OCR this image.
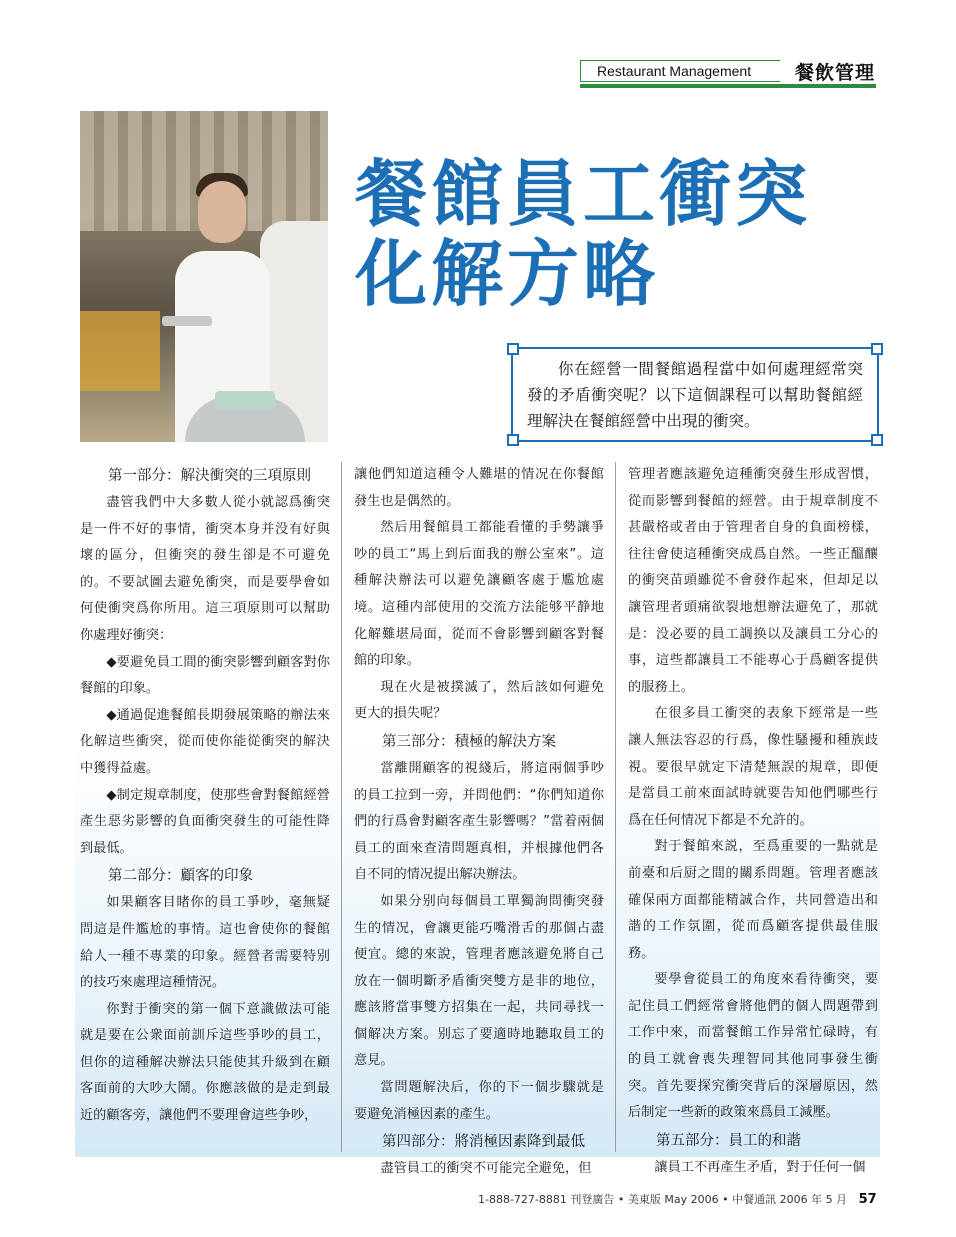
Restaurant Management	餐飲管理
餐館員工衝突
化解方略

你在經營一間餐館過程當中如何處理經常突發的矛盾衝突呢？以下這個課程可以幫助餐館經理解決在餐館經營中出現的衝突。

第一部分：解決衝突的三項原則

盡管我們中大多數人從小就認爲衝突是一件不好的事情，衝突本身并没有好與壞的區分，但衝突的發生卻是不可避免的。不要試圖去避免衝突，而是要學會如何使衝突爲你所用。這三項原則可以幫助你處理好衝突：

◆要避免員工間的衝突影響到顧客對你餐館的印象。

◆通過促進餐館長期發展策略的辦法來化解這些衝突，從而使你能從衝突的解決中獲得益處。

◆制定規章制度，使那些會對餐館經營產生惡劣影響的負面衝突發生的可能性降到最低。

第二部分：顧客的印象

如果顧客目睹你的員工爭吵，毫無疑問這是件尷尬的事情。這也會使你的餐館給人一種不專業的印象。經營者需要特别的技巧來處理這種情況。

你對于衝突的第一個下意識做法可能就是要在公衆面前訓斥這些爭吵的員工，但你的這種解决辦法只能使其升級到在顧客面前的大吵大鬧。你應該做的是走到最近的顧客旁，讓他們不要理會這些争吵，

讓他們知道這種令人難堪的情况在你餐館發生也是偶然的。

然后用餐館員工都能看懂的手勢讓爭吵的員工“馬上到后面我的辦公室來”。這種解決辦法可以避免讓顧客處于尷尬處境。這種内部使用的交流方法能够平静地化解難堪局面，從而不會影響到顧客對餐館的印象。

現在火是被撲滅了，然后該如何避免更大的損失呢？

第三部分：積極的解決方案

當離開顧客的視綫后，將這兩個爭吵的員工拉到一旁，并問他們：“你們知道你們的行爲會對顧客產生影響嗎？”當着兩個員工的面來查清問題真相，并根據他們各自不同的情况提出解决辦法。

如果分别向每個員工單獨詢問衝突發生的情况，會讓更能巧嘴滑舌的那個占盡便宜。總的來說，管理者應該避免將自己放在一個明斷矛盾衝突雙方是非的地位，應該將當事雙方招集在一起，共同尋找一個解决方案。别忘了要適時地聽取員工的意見。

當問題解決后，你的下一個步驟就是要避免消極因素的產生。

第四部分：將消極因素降到最低

盡管員工的衝突不可能完全避免，但

管理者應該避免這種衝突發生形成習慣，從而影響到餐館的經營。由于規章制度不甚嚴格或者由于管理者自身的負面榜樣，往往會使這種衝突成爲自然。一些正醞釀的衝突苗頭雖從不會發作起來，但却足以讓管理者頭痛欲裂地想辦法避免了，那就是：没必要的員工調换以及讓員工分心的事，這些都讓員工不能專心于爲顧客提供的服務上。

在很多員工衝突的表象下經常是一些讓人無法容忍的行爲，像性騷擾和種族歧視。要很早就定下清楚無誤的規章，即便是當員工前來面試時就要告知他們哪些行爲在任何情况下都是不允許的。

對于餐館來説，至爲重要的一點就是前臺和后厨之間的關系問題。管理者應該確保兩方面都能精誠合作，共同營造出和諧的工作氛圍，從而爲顧客提供最佳服務。

要學會從員工的角度來看待衝突，要記住員工們經常會將他們的個人問題帶到工作中來，而當餐館工作异常忙碌時，有的員工就會喪失理智同其他同事發生衝突。首先要探究衝突背后的深層原因，然后制定一些新的政策來爲員工減壓。

第五部分：員工的和諧

讓員工不再產生矛盾，對于任何一個

1-888-727-8881 刊登廣告 • 美東版 May 2006 • 中餐通訊 2006 年 5 月 57
